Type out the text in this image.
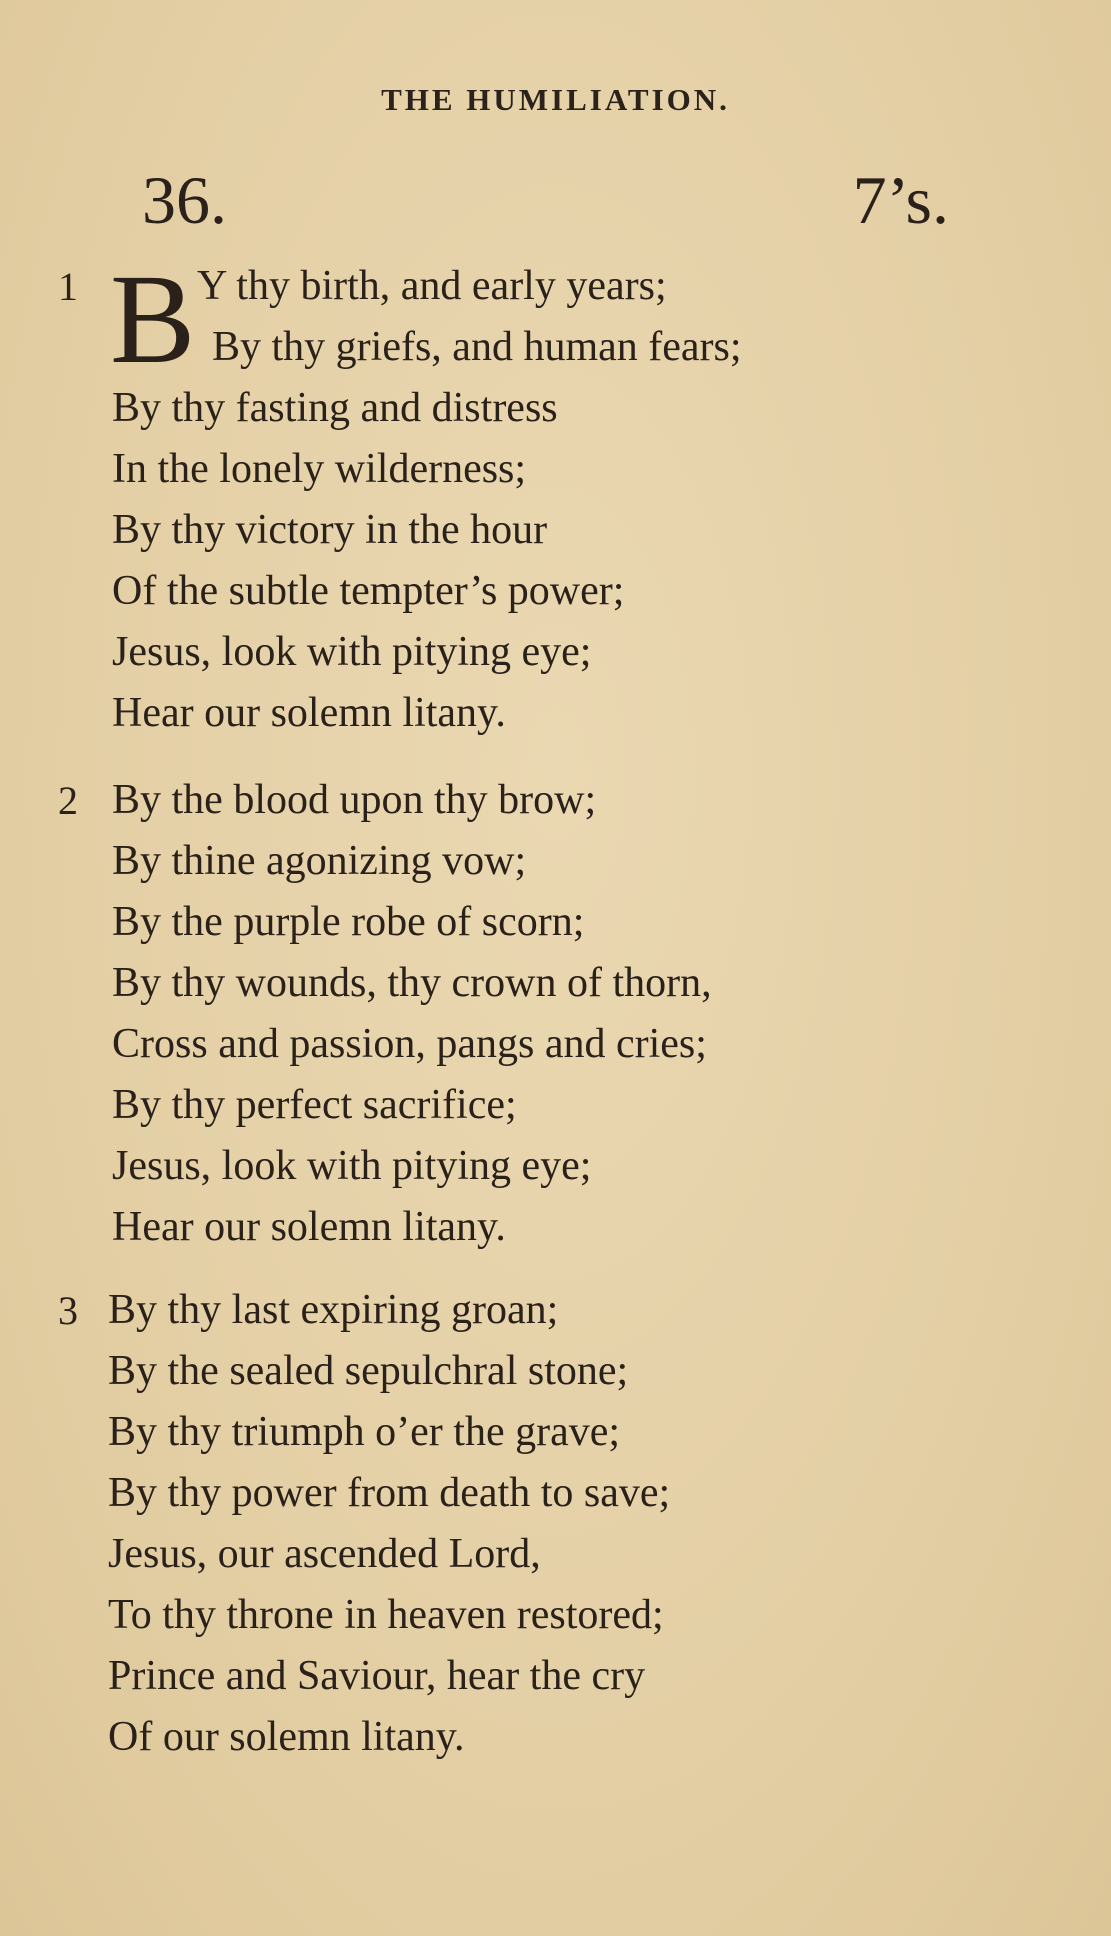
THE HUMILIATION.
36.	7’s.
1 B Y thy birth, and early years;
By thy griefs, and human fears;
By thy fasting and distress
In the lonely wilderness;
By thy victory in the hour
Of the subtle tempter’s power;
Jesus, look with pitying eye;
Hear our solemn litany.
2 By the blood upon thy brow;
By thine agonizing vow;
By the purple robe of scorn;
By thy wounds, thy crown of thorn,
Cross and passion, pangs and cries;
By thy perfect sacrifice;
Jesus, look with pitying eye;
Hear our solemn litany.
3 By thy last expiring groan;
By the sealed sepulchral stone;
By thy triumph o’er the grave;
By thy power from death to save;
Jesus, our ascended Lord,
To thy throne in heaven restored;
Prince and Saviour, hear the cry
Of our solemn litany.
